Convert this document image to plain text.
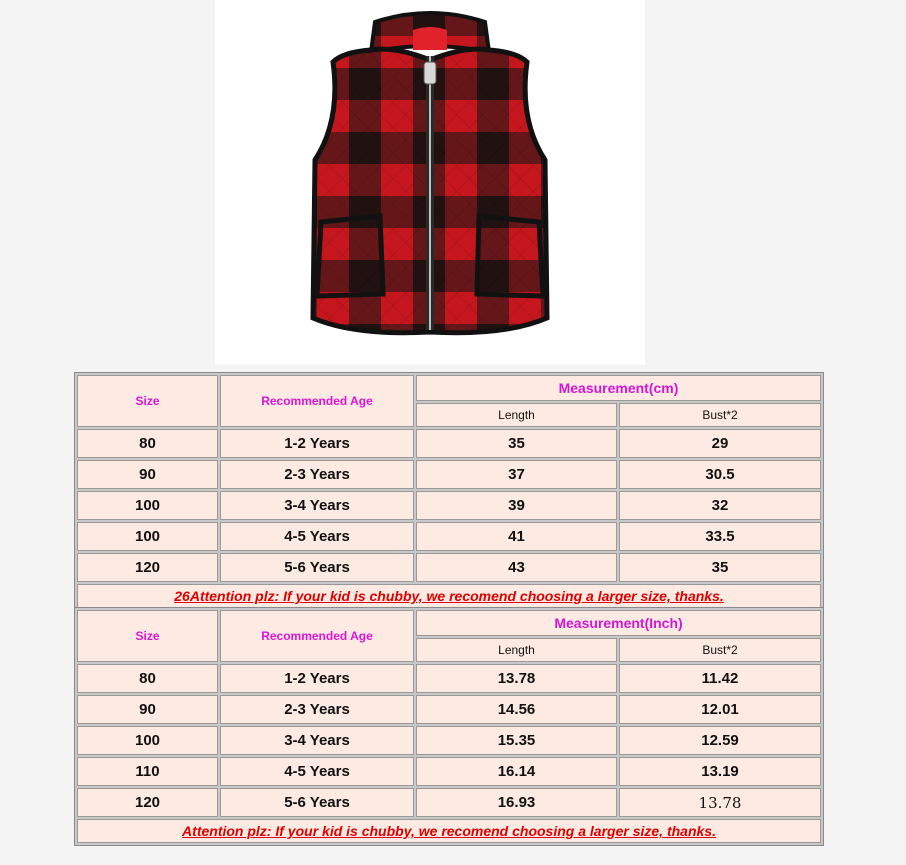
Size	Recommended Age	Measurement(cm)	
		Length	Bust*2
80	1-2 Years	35	29
90	2-3 Years	37	30.5
100	3-4 Years	39	32
100	4-5 Years	41	33.5
120	5-6 Years	43	35
26Attention plz: If your kid is chubby, we recomend choosing a larger size, thanks.			
Size	Recommended Age	Measurement(Inch)	
		Length	Bust*2
80	1-2 Years	13.78	11.42
90	2-3 Years	14.56	12.01
100	3-4 Years	15.35	12.59
110	4-5 Years	16.14	13.19
120	5-6 Years	16.93	13.78
Attention plz: If your kid is chubby, we recomend choosing a larger size, thanks.			
